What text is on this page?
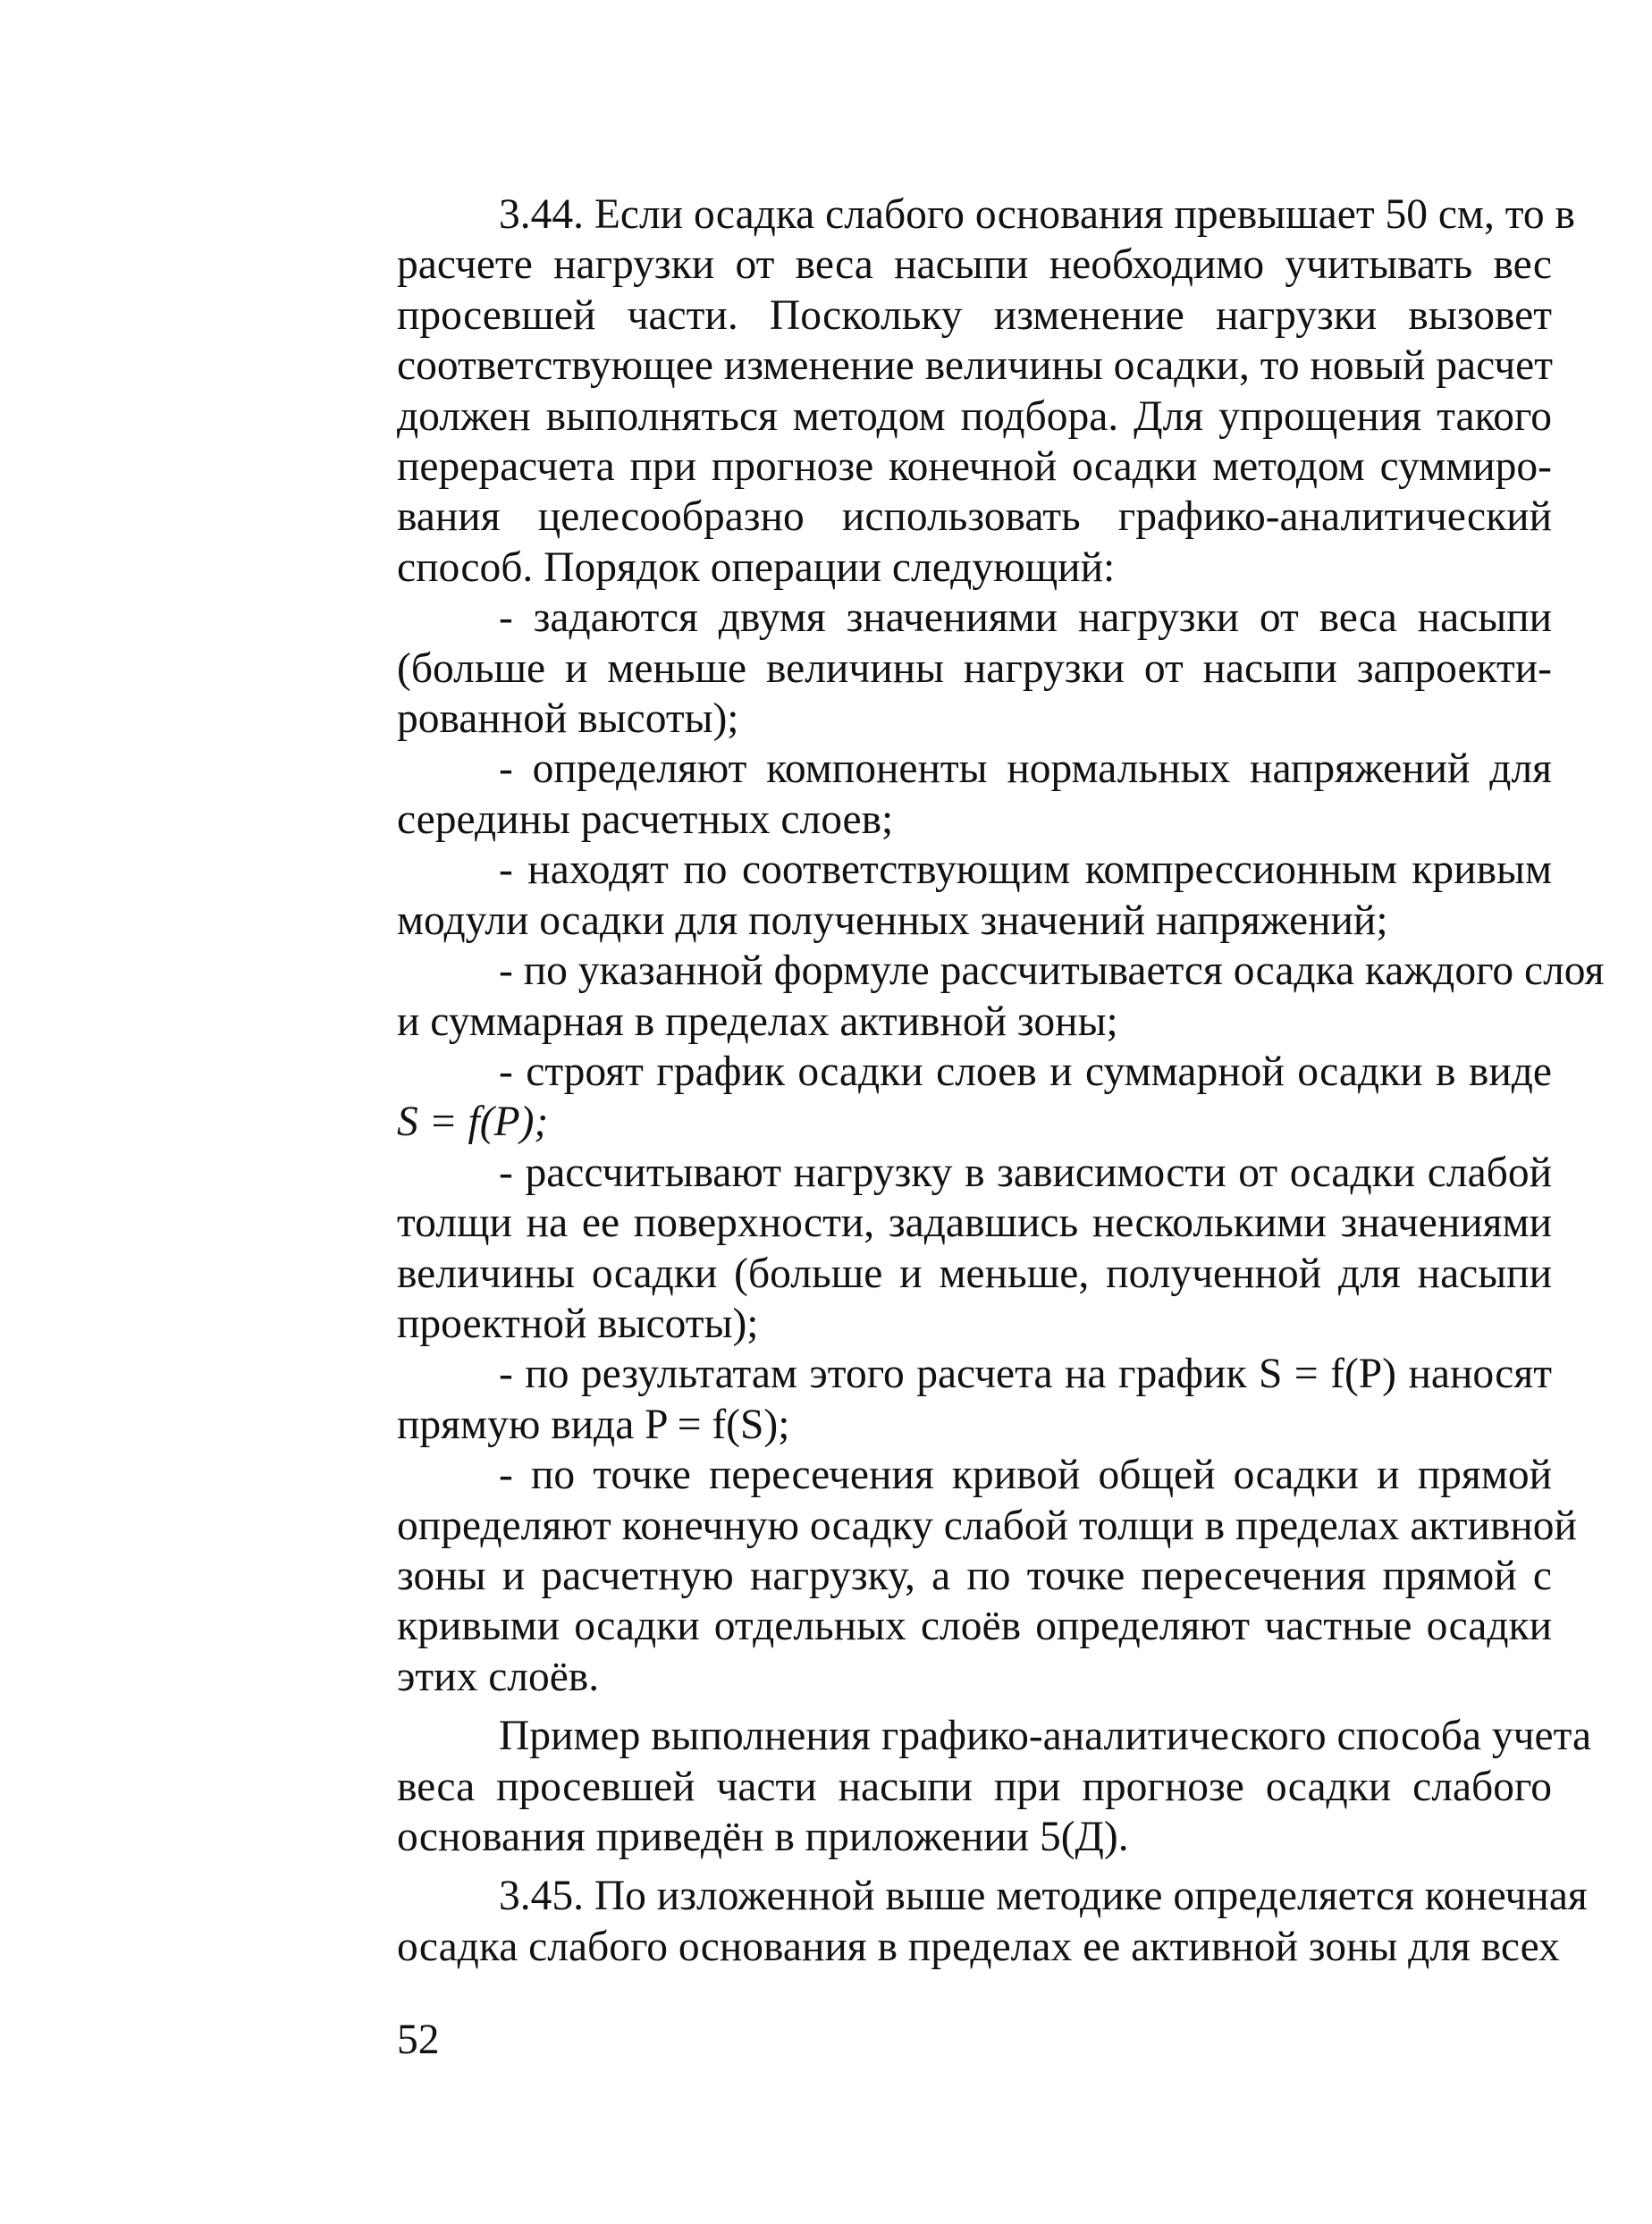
3.44. Если осадка слабого основания превышает 50 см, то в
расчете нагрузки от веса насыпи необходимо учитывать вес
просевшей части. Поскольку изменение нагрузки вызовет
соответствующее изменение величины осадки, то новый расчет
должен выполняться методом подбора. Для упрощения такого
перерасчета при прогнозе конечной осадки методом суммиро-
вания целесообразно использовать графико-аналитический
способ. Порядок операции следующий:

- задаются двумя значениями нагрузки от веса насыпи
(больше и меньше величины нагрузки от насыпи запроекти-
рованной высоты);

- определяют компоненты нормальных напряжений для
середины расчетных слоев;

- находят по соответствующим компрессионным кривым
модули осадки для полученных значений напряжений;

- по указанной формуле рассчитывается осадка каждого слоя
и суммарная в пределах активной зоны;

- строят график осадки слоев и суммарной осадки в виде
S = f(P);

- рассчитывают нагрузку в зависимости от осадки слабой
толщи на ее поверхности, задавшись несколькими значениями
величины осадки (больше и меньше, полученной для насыпи
проектной высоты);

- по результатам этого расчета на график S = f(P) наносят
прямую вида P = f(S);

- по точке пересечения кривой общей осадки и прямой
определяют конечную осадку слабой толщи в пределах активной
зоны и расчетную нагрузку, а по точке пересечения прямой с
кривыми осадки отдельных слоёв определяют частные осадки
этих слоёв.

Пример выполнения графико-аналитического способа учета
веса просевшей части насыпи при прогнозе осадки слабого
основания приведён в приложении 5(Д).

3.45. По изложенной выше методике определяется конечная
осадка слабого основания в пределах ее активной зоны для всех

52
